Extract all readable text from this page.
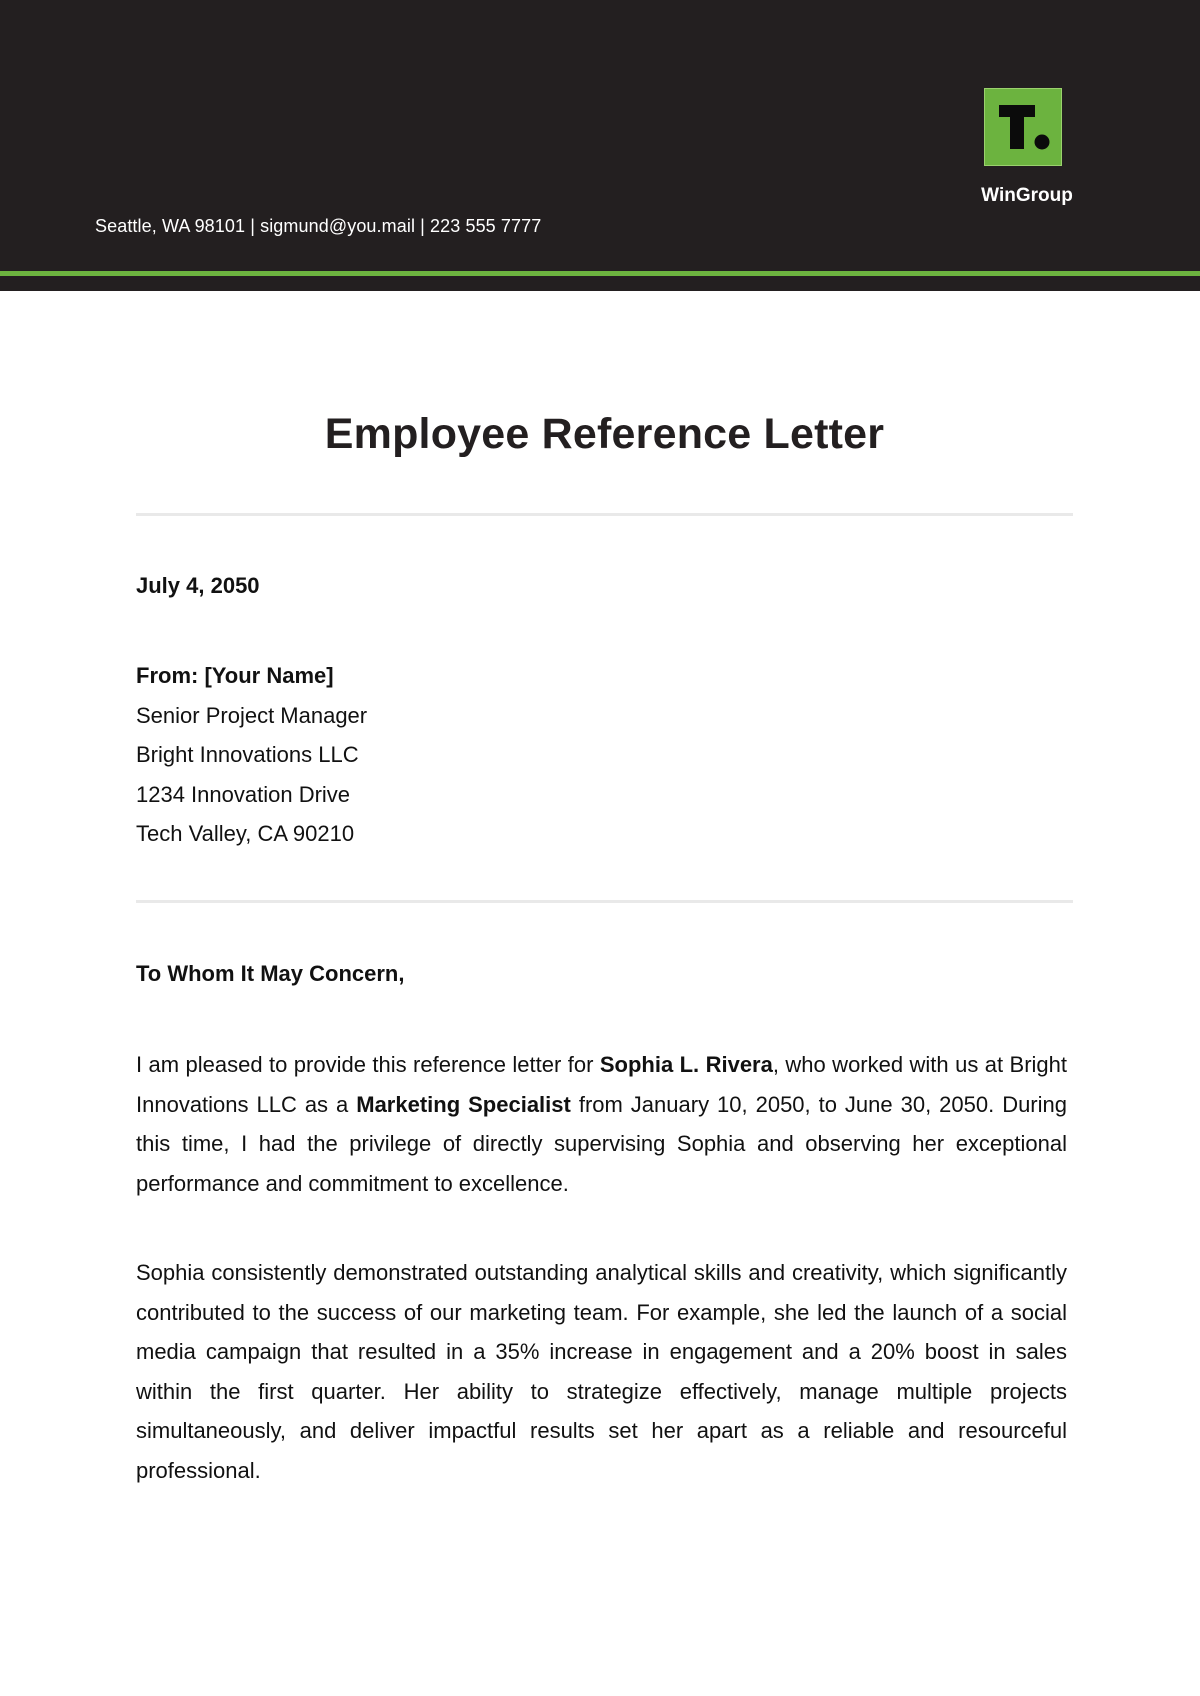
Seattle, WA 98101 | sigmund@you.mail | 223 555 7777
WinGroup
Employee Reference Letter
July 4, 2050
From: [Your Name]
Senior Project Manager
Bright Innovations LLC
1234 Innovation Drive
Tech Valley, CA 90210
To Whom It May Concern,
I am pleased to provide this reference letter for Sophia L. Rivera, who worked with us at Bright Innovations LLC as a Marketing Specialist from January 10, 2050, to June 30, 2050. During this time, I had the privilege of directly supervising Sophia and observing her exceptional performance and commitment to excellence.
Sophia consistently demonstrated outstanding analytical skills and creativity, which significantly contributed to the success of our marketing team. For example, she led the launch of a social media campaign that resulted in a 35% increase in engagement and a 20% boost in sales within the first quarter. Her ability to strategize effectively, manage multiple projects simultaneously, and deliver impactful results set her apart as a reliable and resourceful professional.
